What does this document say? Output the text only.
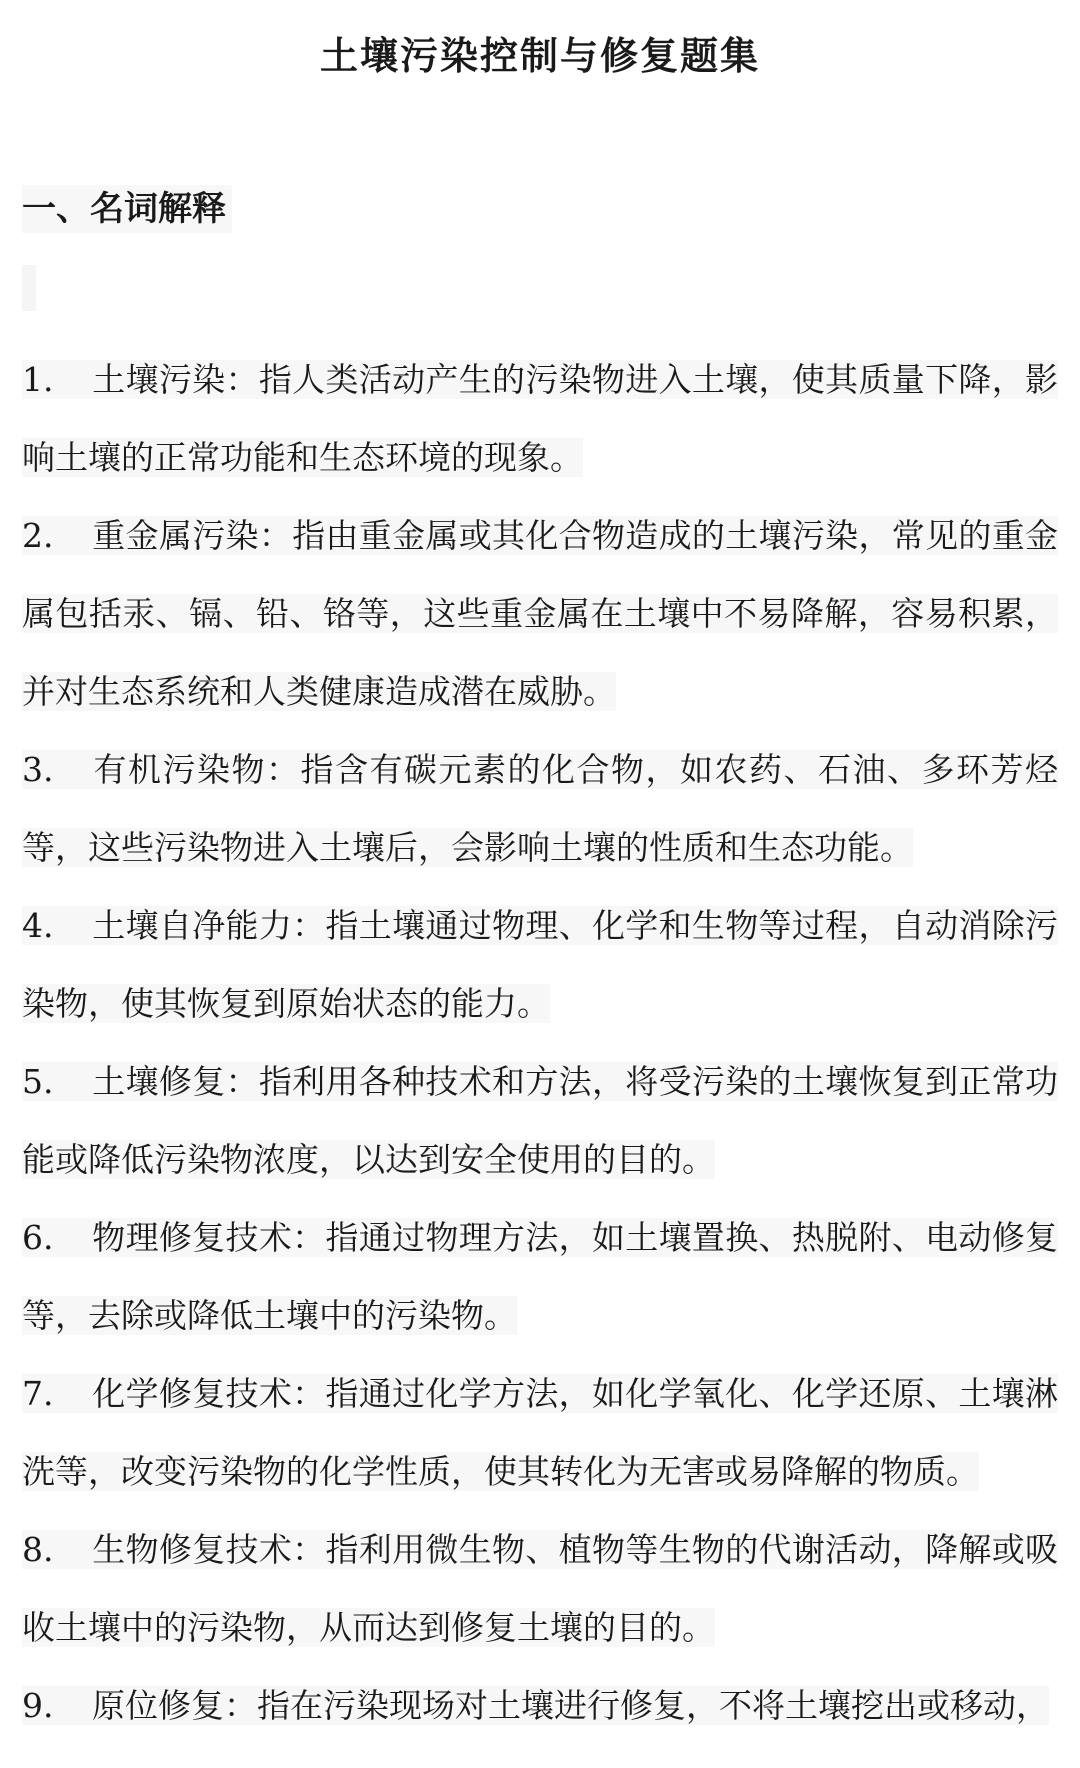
土壤污染控制与修复题集
一、名词解释

1. 土壤污染：指人类活动产生的污染物进入土壤，使其质量下降，影响土壤的正常功能和生态环境的现象。

2. 重金属污染：指由重金属或其化合物造成的土壤污染，常见的重金属包括汞、镉、铅、铬等，这些重金属在土壤中不易降解，容易积累，并对生态系统和人类健康造成潜在威胁。

3. 有机污染物：指含有碳元素的化合物，如农药、石油、多环芳烃等，这些污染物进入土壤后，会影响土壤的性质和生态功能。

4. 土壤自净能力：指土壤通过物理、化学和生物等过程，自动消除污染物，使其恢复到原始状态的能力。

5. 土壤修复：指利用各种技术和方法，将受污染的土壤恢复到正常功能或降低污染物浓度，以达到安全使用的目的。

6. 物理修复技术：指通过物理方法，如土壤置换、热脱附、电动修复等，去除或降低土壤中的污染物。

7. 化学修复技术：指通过化学方法，如化学氧化、化学还原、土壤淋洗等，改变污染物的化学性质，使其转化为无害或易降解的物质。

8. 生物修复技术：指利用微生物、植物等生物的代谢活动，降解或吸收土壤中的污染物，从而达到修复土壤的目的。

9. 原位修复：指在污染现场对土壤进行修复，不将土壤挖出或移动，
